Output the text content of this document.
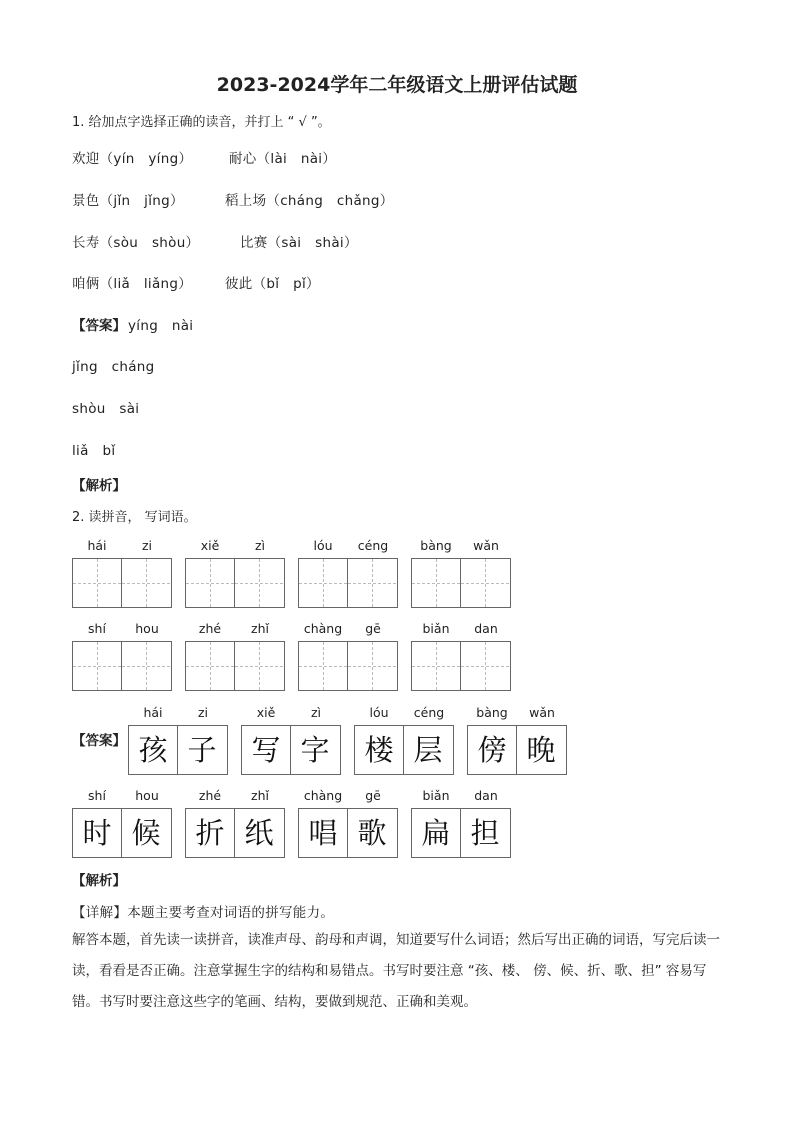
2023-2024学年二年级语文上册评估试题
1. 给加点字选择正确的读音，并打上 “ √ ”。
欢迎（yín　yíng）	耐心（lài　nài）
景色（jǐn　jǐng）	稻上场（cháng　chǎng）
长寿（sòu　shòu）	比赛（sài　shài）
咱俩（liǎ　liǎng） 彼此（bǐ　pǐ）
【答案】 yíng　nài
jǐng　cháng
shòu　sài
liǎ　bǐ
【解析】
2. 读拼音， 写词语。
hái	zi	xiě	zì	lóu	céng	bàng	wǎn
shí	hou	zhé	zhǐ	chàng	gē	biǎn	dan
【答案】
hái	zi
孩 子
xiě	zì
写 字
lóu	céng
楼 层
bàng	wǎn
傍 晚
shí	hou
时 候
zhé	zhǐ
折 纸
chàng	gē
唱 歌
biǎn	dan
扁 担
【解析】
【详解】本题主要考查对词语的拼写能力。
解答本题，首先读一读拼音，读准声母、韵母和声调，知道要写什么词语；然后写出正确的词语，写完后读一读，看看是否正确。注意掌握生字的结构和易错点。书写时要注意 “孩、楼、 傍、候、折、歌、担” 容易写错。书写时要注意这些字的笔画、结构，要做到规范、正确和美观。
